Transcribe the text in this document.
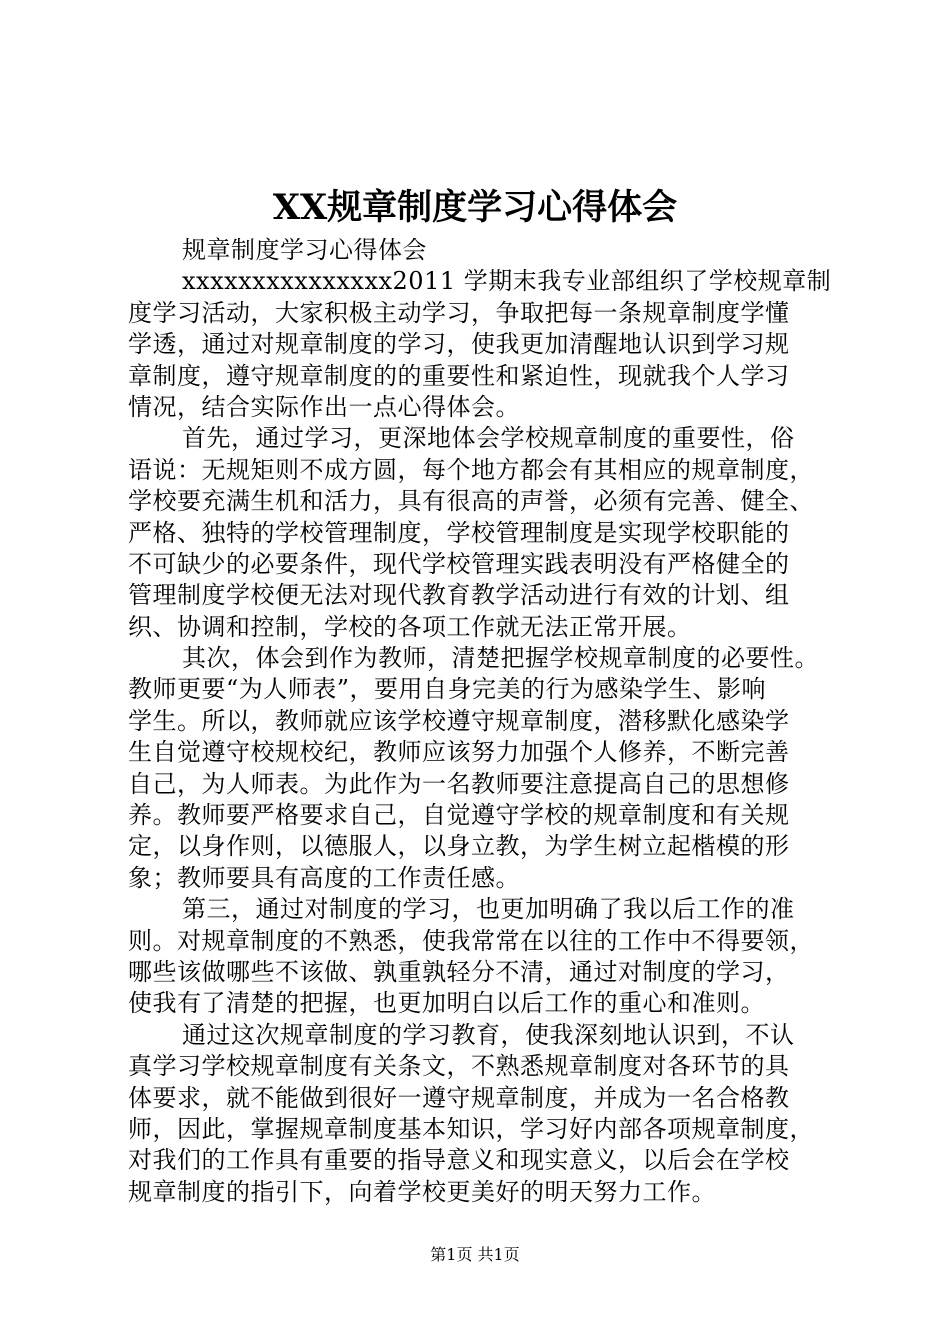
XX规章制度学习心得体会
规章制度学习心得体会
xxxxxxxxxxxxxxx2011 学期末我专业部组织了学校规章制
度学习活动，大家积极主动学习，争取把每一条规章制度学懂
学透，通过对规章制度的学习，使我更加清醒地认识到学习规
章制度，遵守规章制度的的重要性和紧迫性，现就我个人学习
情况，结合实际作出一点心得体会。
首先，通过学习，更深地体会学校规章制度的重要性，俗
语说：无规矩则不成方圆，每个地方都会有其相应的规章制度，
学校要充满生机和活力，具有很高的声誉，必须有完善、健全、
严格、独特的学校管理制度，学校管理制度是实现学校职能的
不可缺少的必要条件，现代学校管理实践表明没有严格健全的
管理制度学校便无法对现代教育教学活动进行有效的计划、组
织、协调和控制，学校的各项工作就无法正常开展。
其次，体会到作为教师，清楚把握学校规章制度的必要性。
教师更要“为人师表”，要用自身完美的行为感染学生、影响
学生。所以，教师就应该学校遵守规章制度，潜移默化感染学
生自觉遵守校规校纪，教师应该努力加强个人修养，不断完善
自己，为人师表。为此作为一名教师要注意提高自己的思想修
养。教师要严格要求自己，自觉遵守学校的规章制度和有关规
定，以身作则，以德服人，以身立教，为学生树立起楷模的形
象；教师要具有高度的工作责任感。
第三，通过对制度的学习，也更加明确了我以后工作的准
则。对规章制度的不熟悉，使我常常在以往的工作中不得要领，
哪些该做哪些不该做、孰重孰轻分不清，通过对制度的学习，
使我有了清楚的把握，也更加明白以后工作的重心和准则。
通过这次规章制度的学习教育，使我深刻地认识到，不认
真学习学校规章制度有关条文，不熟悉规章制度对各环节的具
体要求，就不能做到很好一遵守规章制度，并成为一名合格教
师，因此，掌握规章制度基本知识，学习好内部各项规章制度，
对我们的工作具有重要的指导意义和现实意义，以后会在学校
规章制度的指引下，向着学校更美好的明天努力工作。
第1页 共1页
